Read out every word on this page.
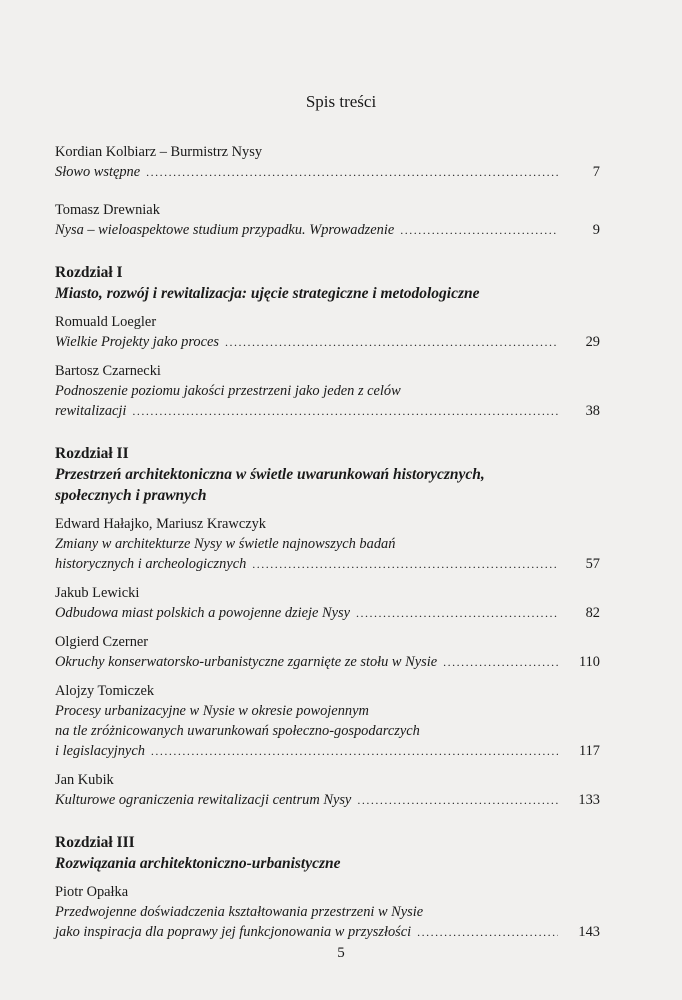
Spis treści
Kordian Kolbiarz – Burmistrz Nysy
Słowo wstępne .....	7
Tomasz Drewniak
Nysa – wieloaspektowe studium przypadku. Wprowadzenie .....	9
Rozdział I
Miasto, rozwój i rewitalizacja: ujęcie strategiczne i metodologiczne
Romuald Loegler
Wielkie Projekty jako proces .....	29
Bartosz Czarnecki
Podnoszenie poziomu jakości przestrzeni jako jeden z celów
rewitalizacji .....	38
Rozdział II
Przestrzeń architektoniczna w świetle uwarunkowań historycznych,
społecznych i prawnych
Edward Hałajko, Mariusz Krawczyk
Zmiany w architekturze Nysy w świetle najnowszych badań
historycznych i archeologicznych .....	57
Jakub Lewicki
Odbudowa miast polskich a powojenne dzieje Nysy .....	82
Olgierd Czerner
Okruchy konserwatorsko-urbanistyczne zgarnięte ze stołu w Nysie .....	110
Alojzy Tomiczek
Procesy urbanizacyjne w Nysie w okresie powojennym
na tle zróżnicowanych uwarunkowań społeczno-gospodarczych
i legislacyjnych .....	117
Jan Kubik
Kulturowe ograniczenia rewitalizacji centrum Nysy .....	133
Rozdział III
Rozwiązania architektoniczno-urbanistyczne
Piotr Opałka
Przedwojenne doświadczenia kształtowania przestrzeni w Nysie
jako inspiracja dla poprawy jej funkcjonowania w przyszłości .....	143
5
